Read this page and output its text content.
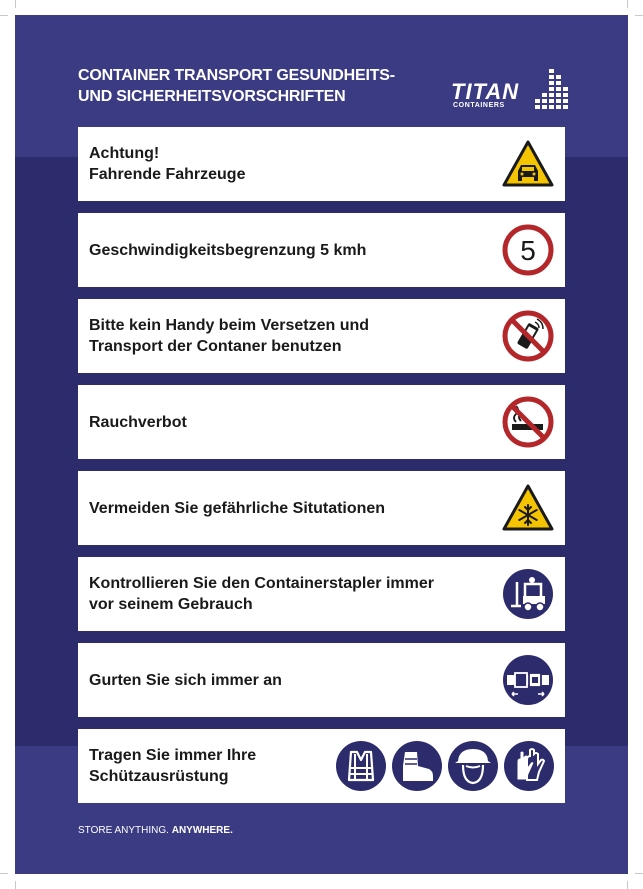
CONTAINER TRANSPORT GESUNDHEITS-
UND SICHERHEITSVORSCHRIFTEN	TITAN
CONTAINERS
Achtung!
Fahrende Fahrzeuge
Geschwindigkeitsbegrenzung 5 kmh	5
Bitte kein Handy beim Versetzen und
Transport der Contaner benutzen
Rauchverbot
Vermeiden Sie gefährliche Situtationen
Kontrollieren Sie den Containerstapler immer
vor seinem Gebrauch
Gurten Sie sich immer an
Tragen Sie immer Ihre
Schützausrüstung
STORE ANYTHING. ANYWHERE.
